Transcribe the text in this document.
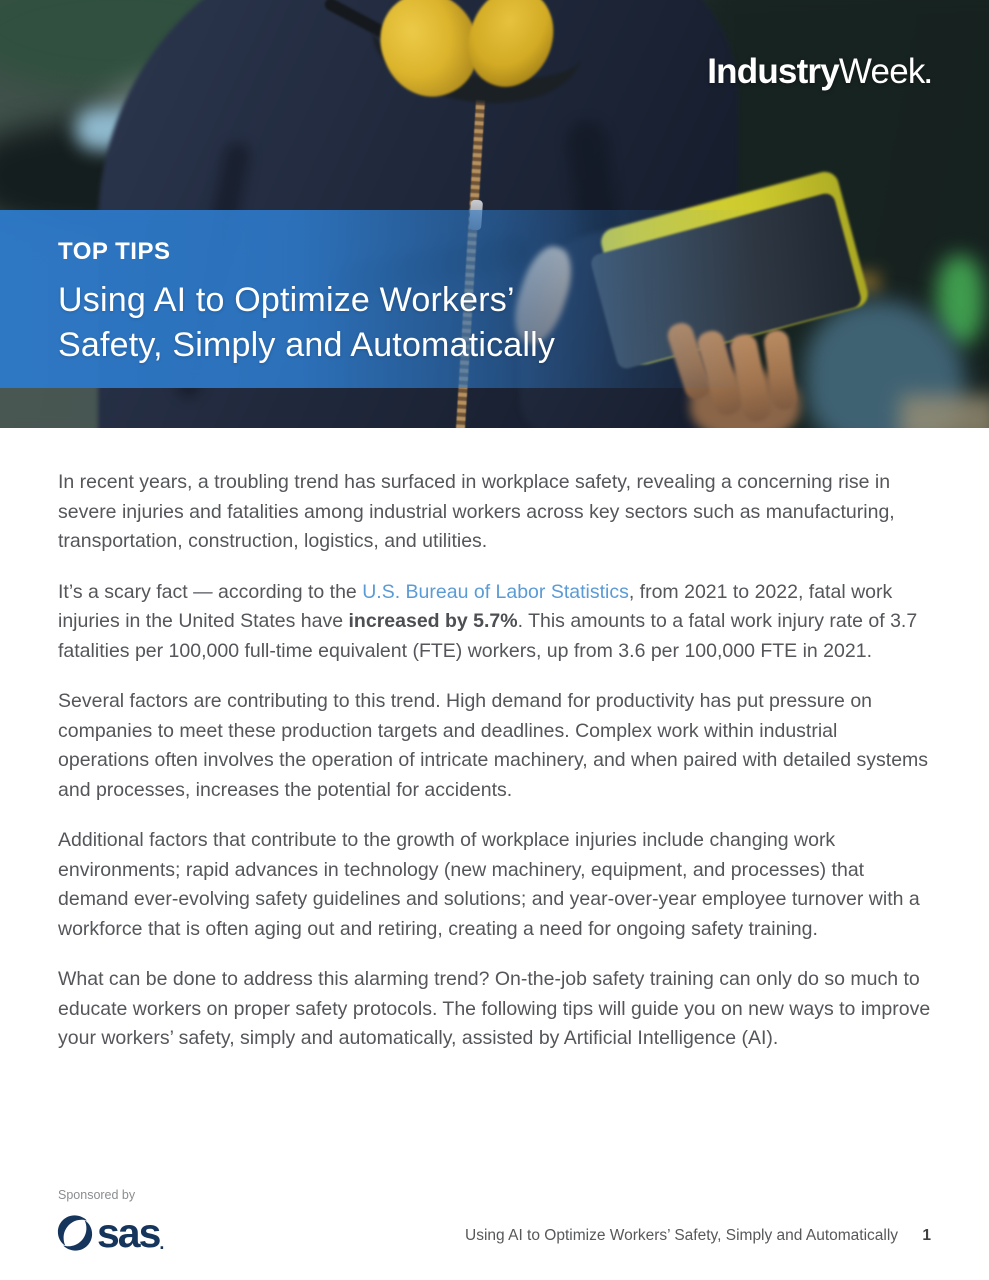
IndustryWeek.
TOP TIPS
Using AI to Optimize Workers’
Safety, Simply and Automatically

In recent years, a troubling trend has surfaced in workplace safety, revealing a concerning rise in severe injuries and fatalities among industrial workers across key sectors such as manufacturing, transportation, construction, logistics, and utilities.

It’s a scary fact — according to the U.S. Bureau of Labor Statistics, from 2021 to 2022, fatal work injuries in the United States have increased by 5.7%. This amounts to a fatal work injury rate of 3.7 fatalities per 100,000 full-time equivalent (FTE) workers, up from 3.6 per 100,000 FTE in 2021.

Several factors are contributing to this trend. High demand for productivity has put pressure on companies to meet these production targets and deadlines. Complex work within industrial operations often involves the operation of intricate machinery, and when paired with detailed systems and processes, increases the potential for accidents.

Additional factors that contribute to the growth of workplace injuries include changing work environments; rapid advances in technology (new machinery, equipment, and processes) that demand ever-evolving safety guidelines and solutions; and year-over-year employee turnover with a workforce that is often aging out and retiring, creating a need for ongoing safety training.

What can be done to address this alarming trend? On-the-job safety training can only do so much to educate workers on proper safety protocols. The following tips will guide you on new ways to improve your workers’ safety, simply and automatically, assisted by Artificial Intelligence (AI).

Sponsored by
sas .	Using AI to Optimize Workers’ Safety, Simply and Automatically 1
